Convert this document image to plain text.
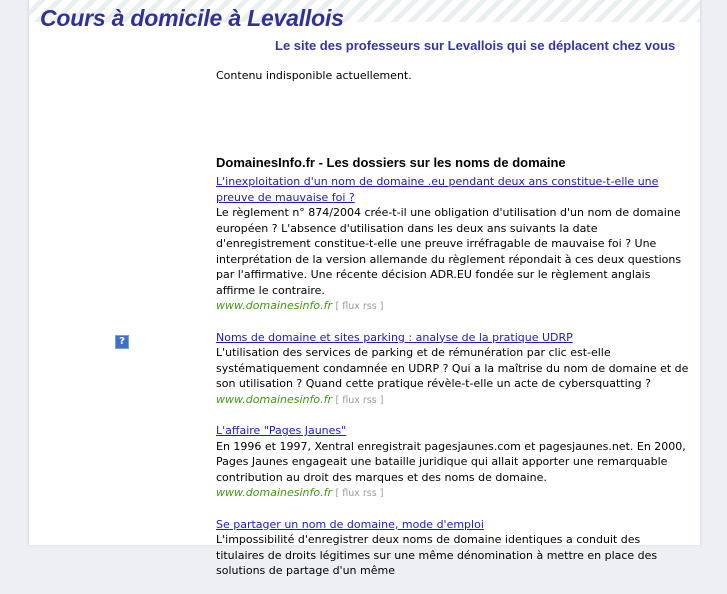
Cours à domicile à Levallois
Le site des professeurs sur Levallois qui se déplacent chez vous
Contenu indisponible actuellement.
?
DomainesInfo.fr - Les dossiers sur les noms de domaine
L'inexploitation d'un nom de domaine .eu pendant deux ans constitue-t-elle une preuve de mauvaise foi ?
Le règlement n° 874/2004 crée-t-il une obligation d'utilisation d'un nom de domaine européen ? L'absence d'utilisation dans les deux ans suivants la date d'enregistrement constitue-t-elle une preuve irréfragable de mauvaise foi ? Une interprétation de la version allemande du règlement répondait à ces deux questions par l'affirmative. Une récente décision ADR.EU fondée sur le règlement anglais affirme le contraire.
www.domainesinfo.fr [ flux rss ]
Noms de domaine et sites parking : analyse de la pratique UDRP
L'utilisation des services de parking et de rémunération par clic est-elle systématiquement condamnée en UDRP ? Qui a la maîtrise du nom de domaine et de son utilisation ? Quand cette pratique révèle-t-elle un acte de cybersquatting ?
www.domainesinfo.fr [ flux rss ]
L'affaire "Pages Jaunes"
En 1996 et 1997, Xentral enregistrait pagesjaunes.com et pagesjaunes.net. En 2000, Pages Jaunes engageait une bataille juridique qui allait apporter une remarquable contribution au droit des marques et des noms de domaine.
www.domainesinfo.fr [ flux rss ]
Se partager un nom de domaine, mode d'emploi
L'impossibilité d'enregistrer deux noms de domaine identiques a conduit des titulaires de droits légitimes sur une même dénomination à mettre en place des solutions de partage d'un même
